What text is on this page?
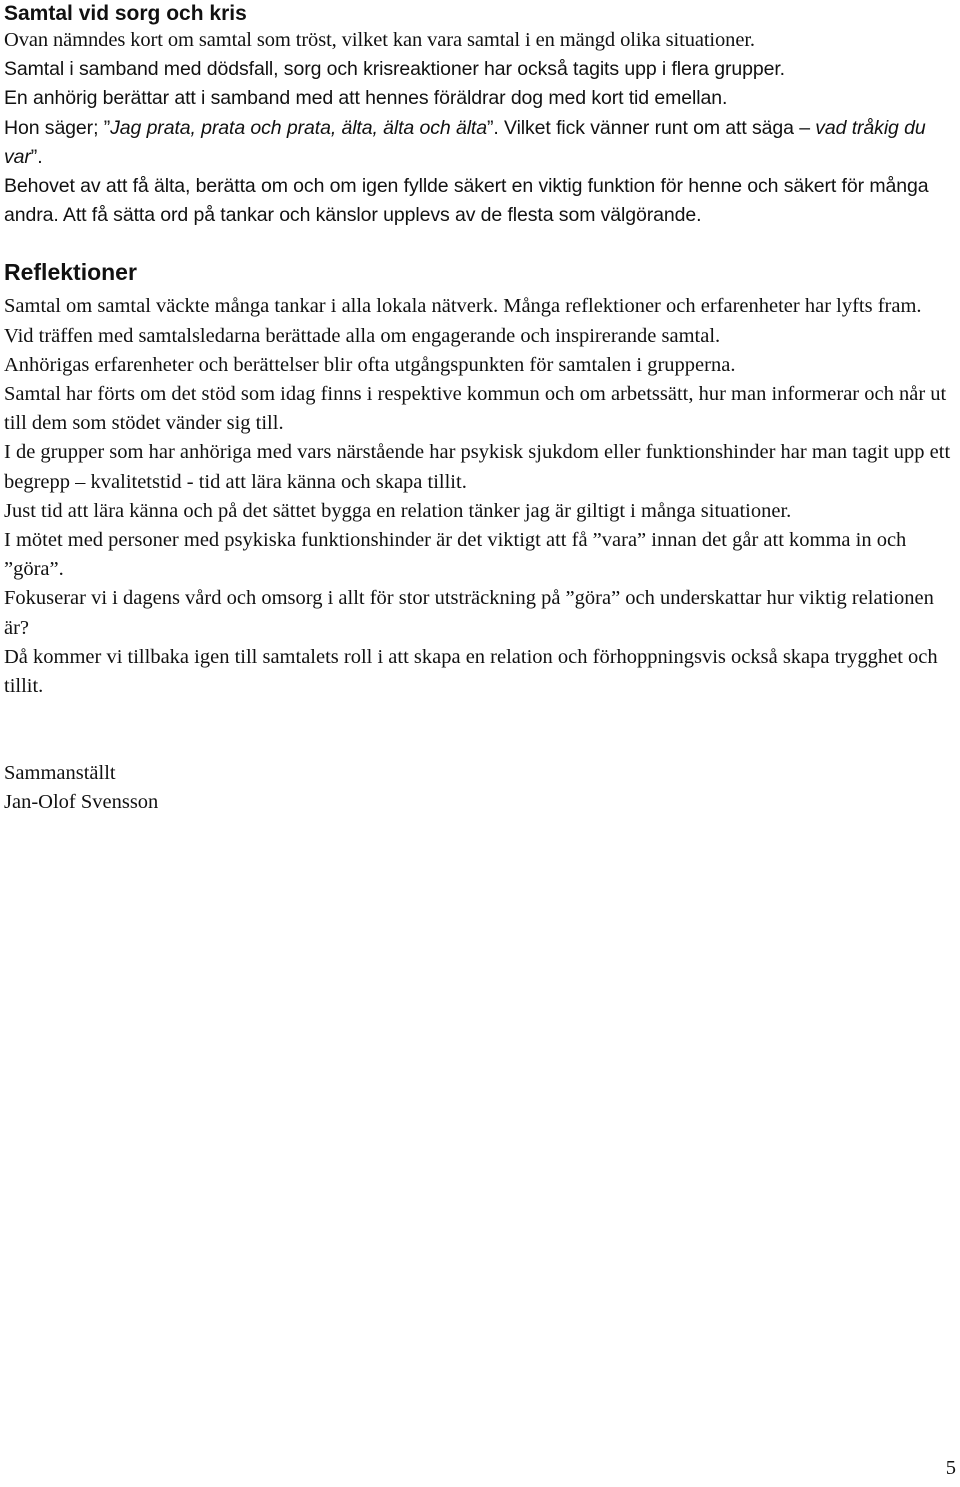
Samtal vid sorg och kris

Ovan nämndes kort om samtal som tröst, vilket kan vara samtal i en mängd olika situationer.

Samtal i samband med dödsfall, sorg och krisreaktioner har också tagits upp i flera grupper.

En anhörig berättar att i samband med att hennes föräldrar dog med kort tid emellan.

Hon säger; ”Jag prata, prata och prata, älta, älta och älta”. Vilket fick vänner runt om att säga – vad tråkig du var”.

Behovet av att få älta, berätta om och om igen fyllde säkert en viktig funktion för henne och säkert för många andra. Att få sätta ord på tankar och känslor upplevs av de flesta som välgörande.

Reflektioner

Samtal om samtal väckte många tankar i alla lokala nätverk. Många reflektioner och erfarenheter har lyfts fram.

Vid träffen med samtalsledarna berättade alla om engagerande och inspirerande samtal.

Anhörigas erfarenheter och berättelser blir ofta utgångspunkten för samtalen i grupperna.

Samtal har förts om det stöd som idag finns i respektive kommun och om arbetssätt, hur man informerar och når ut till dem som stödet vänder sig till.

I de grupper som har anhöriga med vars närstående har psykisk sjukdom eller funktionshinder har man tagit upp ett begrepp – kvalitetstid - tid att lära känna och skapa tillit.

Just tid att lära känna och på det sättet bygga en relation tänker jag är giltigt i många situationer.

I mötet med personer med psykiska funktionshinder är det viktigt att få ”vara” innan det går att komma in och ”göra”.

Fokuserar vi i dagens vård och omsorg i allt för stor utsträckning på ”göra” och underskattar hur viktig relationen är?

Då kommer vi tillbaka igen till samtalets roll i att skapa en relation och förhoppningsvis också skapa trygghet och tillit.

Sammanställt

Jan-Olof Svensson

5
